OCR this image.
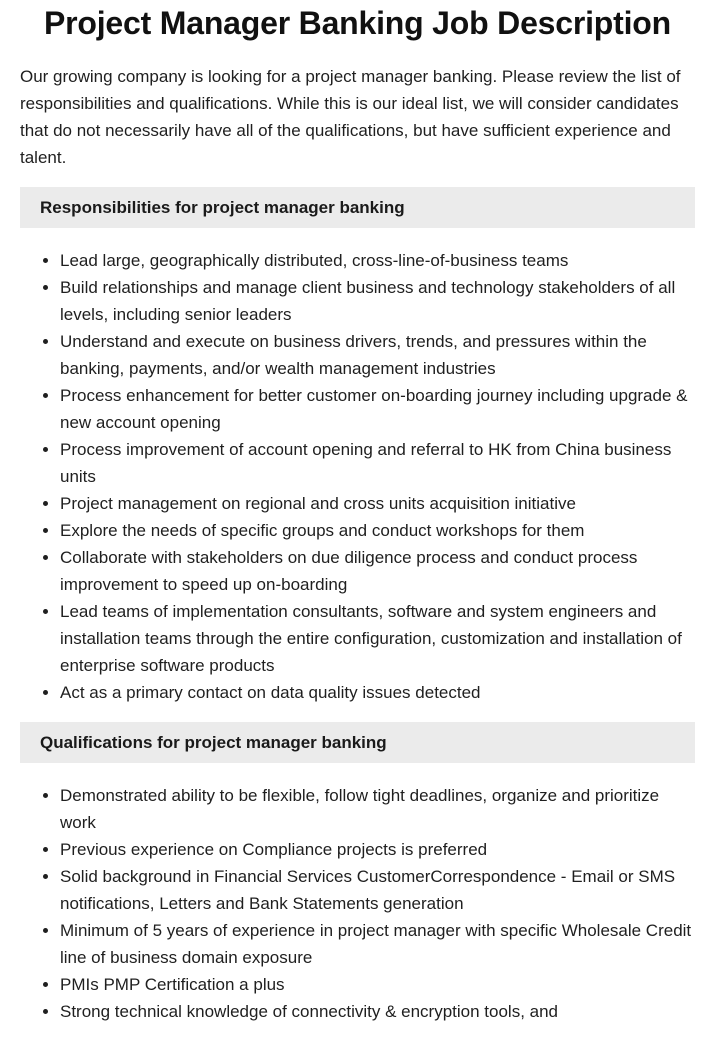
Project Manager Banking Job Description

Our growing company is looking for a project manager banking. Please review the list of responsibilities and qualifications. While this is our ideal list, we will consider candidates that do not necessarily have all of the qualifications, but have sufficient experience and talent.

Responsibilities for project manager banking
• Lead large, geographically distributed, cross-line-of-business teams
• Build relationships and manage client business and technology stakeholders of all levels, including senior leaders
• Understand and execute on business drivers, trends, and pressures within the banking, payments, and/or wealth management industries
• Process enhancement for better customer on-boarding journey including upgrade & new account opening
• Process improvement of account opening and referral to HK from China business units
• Project management on regional and cross units acquisition initiative
• Explore the needs of specific groups and conduct workshops for them
• Collaborate with stakeholders on due diligence process and conduct process improvement to speed up on-boarding
• Lead teams of implementation consultants, software and system engineers and installation teams through the entire configuration, customization and installation of enterprise software products
• Act as a primary contact on data quality issues detected
Qualifications for project manager banking
• Demonstrated ability to be flexible, follow tight deadlines, organize and prioritize work
• Previous experience on Compliance projects is preferred
• Solid background in Financial Services CustomerCorrespondence - Email or SMS notifications, Letters and Bank Statements generation
• Minimum of 5 years of experience in project manager with specific Wholesale Credit line of business domain exposure
• PMIs PMP Certification a plus
• Strong technical knowledge of connectivity & encryption tools, and
